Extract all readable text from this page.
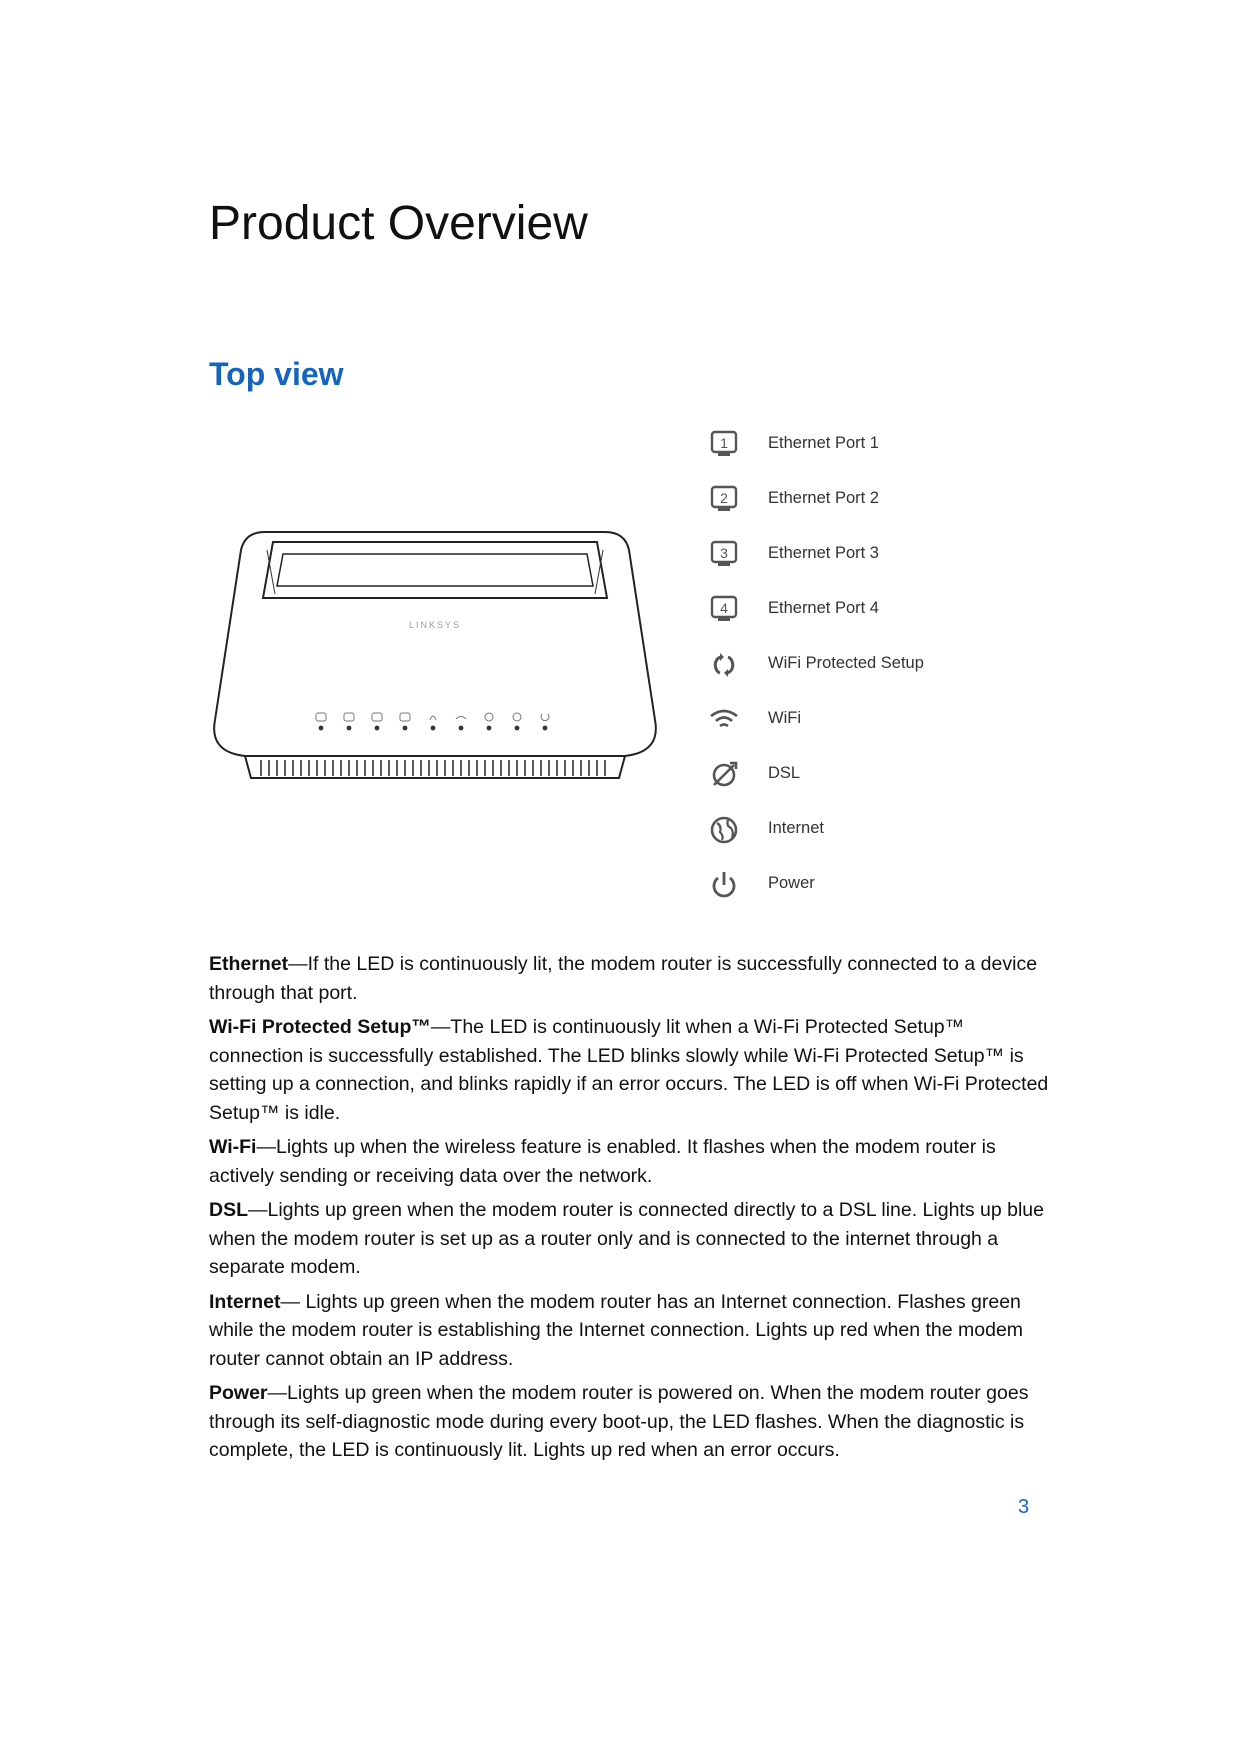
Product Overview
Top view
LINKSYS
1 Ethernet Port 1
2 Ethernet Port 2
3 Ethernet Port 3
4 Ethernet Port 4
WiFi Protected Setup
WiFi
DSL
Internet
Power

Ethernet—If the LED is continuously lit, the modem router is successfully connected to a device through that port.

Wi-Fi Protected Setup™—The LED is continuously lit when a Wi-Fi Protected Setup™ connection is successfully established. The LED blinks slowly while Wi-Fi Protected Setup™ is setting up a connection, and blinks rapidly if an error occurs. The LED is off when Wi-Fi Protected Setup™ is idle.

Wi-Fi—Lights up when the wireless feature is enabled. It flashes when the modem router is actively sending or receiving data over the network.

DSL—Lights up green when the modem router is connected directly to a DSL line. Lights up blue when the modem router is set up as a router only and is connected to the internet through a separate modem.

Internet— Lights up green when the modem router has an Internet connection. Flashes green while the modem router is establishing the Internet connection. Lights up red when the modem router cannot obtain an IP address.

Power—Lights up green when the modem router is powered on. When the modem router goes through its self-diagnostic mode during every boot-up, the LED flashes. When the diagnostic is complete, the LED is continuously lit. Lights up red when an error occurs.

3
